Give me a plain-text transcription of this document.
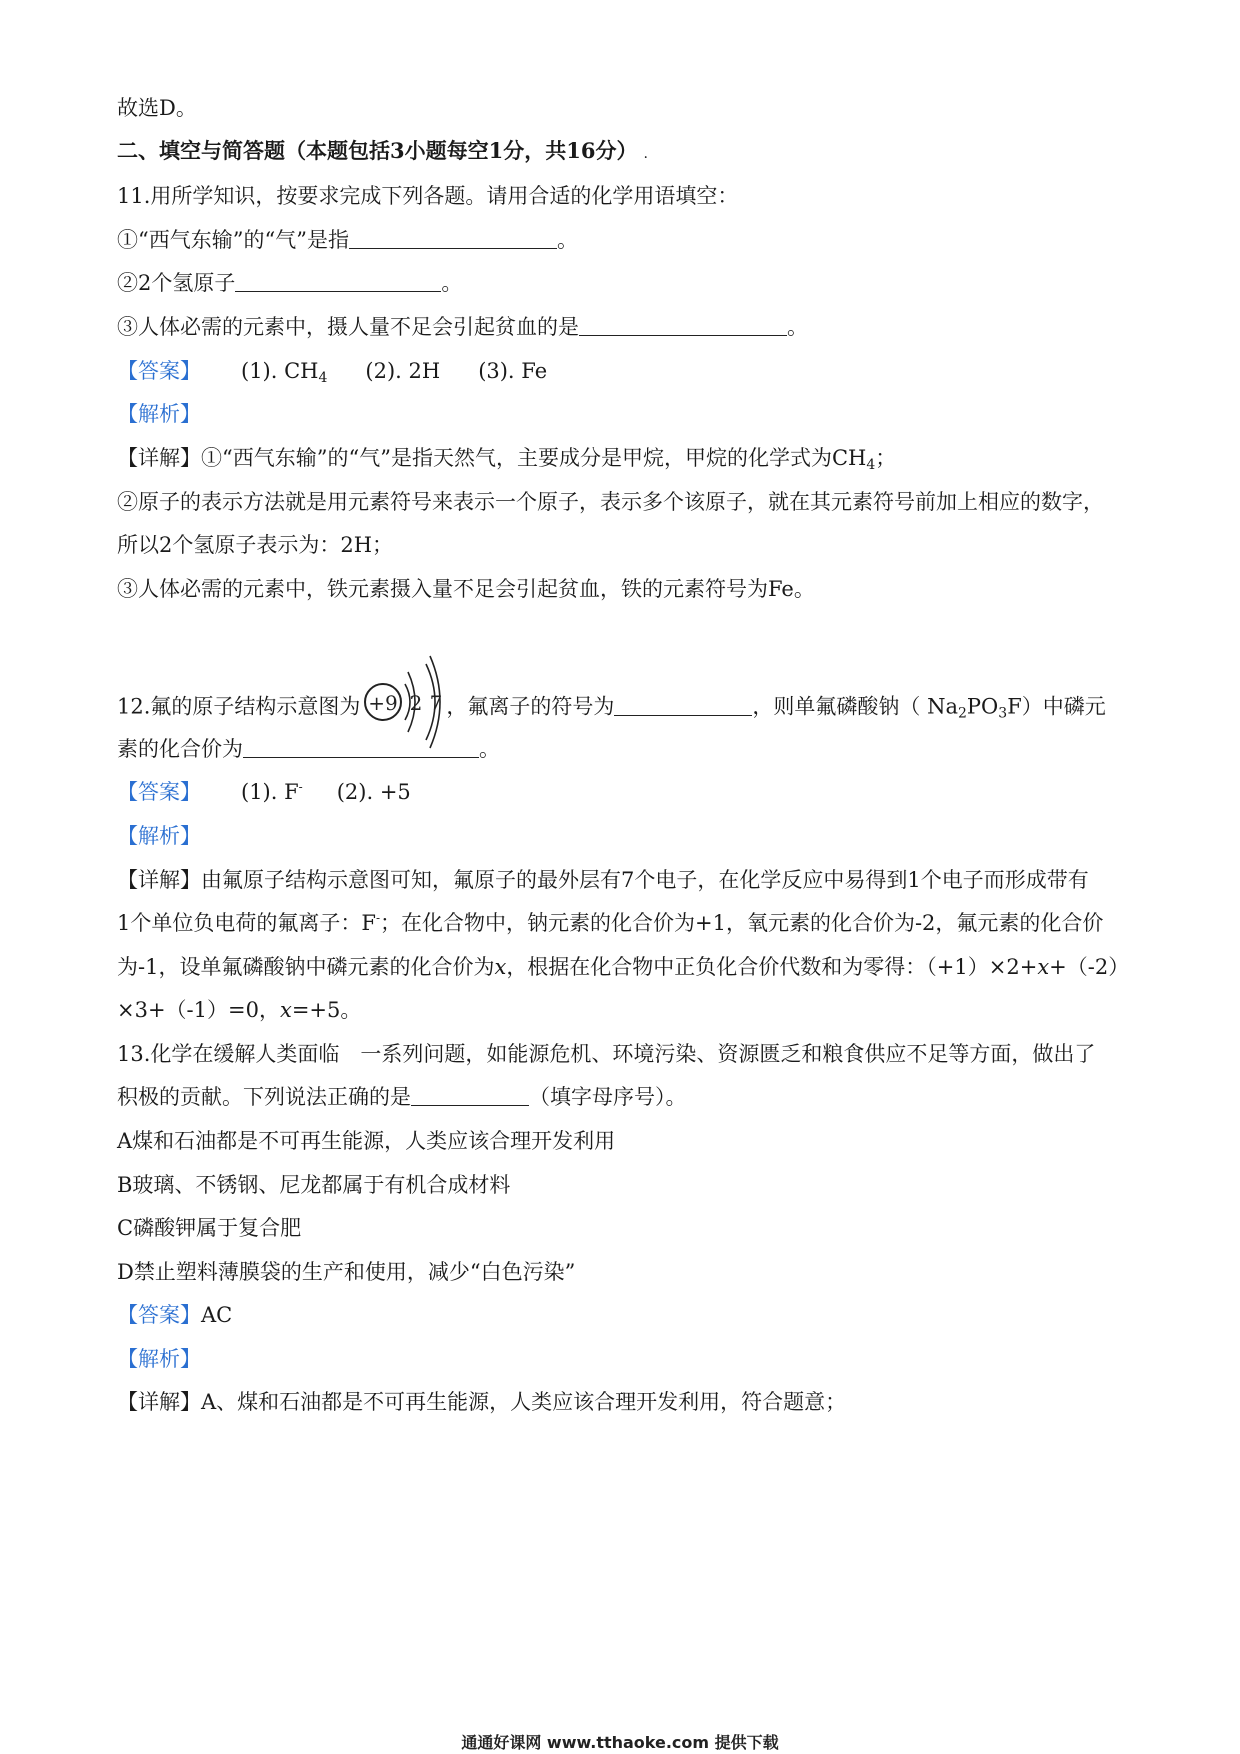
故选D。
二、填空与简答题（本题包括3小题每空1分，共16分） .
11.用所学知识，按要求完成下列各题。请用合适的化学用语填空：
①“西气东输”的“气”是指	。
②2个氢原子	。
③人体必需的元素中，摄人量不足会引起贫血的是	。
【答案】 (1). $CH_4$ (2). 2H (3). Fe
【解析】
【详解】①“西气东输”的“气”是指天然气，主要成分是甲烷，甲烷的化学式为$CH_4$；
②原子的表示方法就是用元素符号来表示一个原子，表示多个该原子，就在其元素符号前加上相应的数字，
所以2个氢原子表示为：2H；
③人体必需的元素中，铁元素摄入量不足会引起贫血，铁的元素符号为Fe。
12.氟的原子结构示意图为 +9 2 7 ，氟离子的符号为	，则单氟磷酸钠（ $Na_2PO_3F$）中磷元
素的化合价为	。
【答案】 (1). F- (2). +5
【解析】
【详解】由氟原子结构示意图可知，氟原子的最外层有7个电子，在化学反应中易得到1个电子而形成带有
1个单位负电荷的氟离子：F-；在化合物中，钠元素的化合价为+1，氧元素的化合价为-2，氟元素的化合价
为-1，设单氟磷酸钠中磷元素的化合价为x，根据在化合物中正负化合价代数和为零得：（+1）×2+x+（-2）
×3+（-1）=0，x=+5。
13.化学在缓解人类面临　一系列问题，如能源危机、环境污染、资源匮乏和粮食供应不足等方面，做出了
积极的贡献。下列说法正确的是	（填字母序号）。
A煤和石油都是不可再生能源，人类应该合理开发利用
B玻璃、不锈钢、尼龙都属于有机合成材料
C磷酸钾属于复合肥
D禁止塑料薄膜袋的生产和使用，减少“白色污染”
【答案】AC
【解析】
【详解】A、煤和石油都是不可再生能源，人类应该合理开发利用，符合题意；
通通好课网 www.tthaoke.com 提供下载
